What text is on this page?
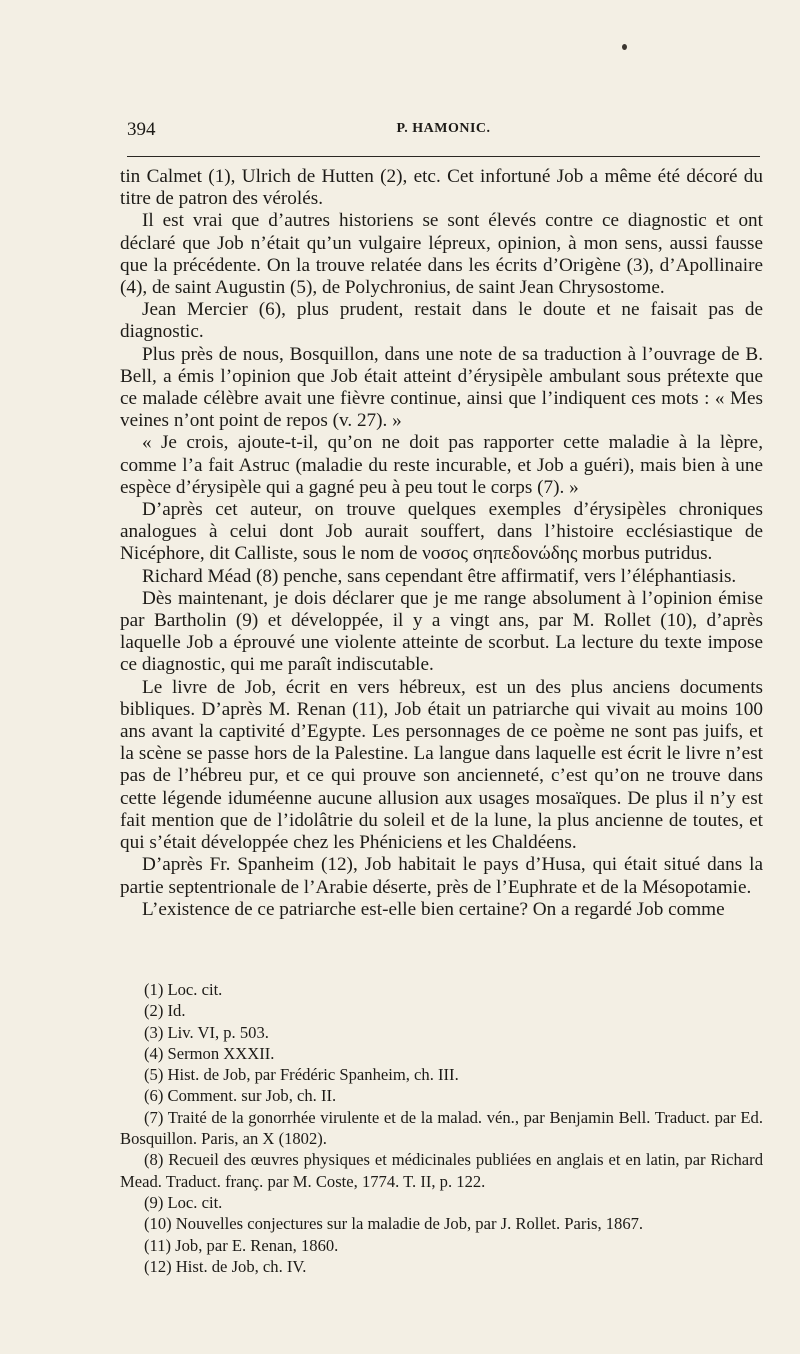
394	P. HAMONIC.

tin Calmet (1), Ulrich de Hutten (2), etc. Cet infortuné Job a même été décoré du titre de patron des vérolés.

Il est vrai que d’autres historiens se sont élevés contre ce diagnostic et ont déclaré que Job n’était qu’un vulgaire lépreux, opinion, à mon sens, aussi fausse que la précédente. On la trouve relatée dans les écrits d’Origène (3), d’Apollinaire (4), de saint Augustin (5), de Polychronius, de saint Jean Chrysostome.

Jean Mercier (6), plus prudent, restait dans le doute et ne faisait pas de diagnostic.

Plus près de nous, Bosquillon, dans une note de sa traduction à l’ouvrage de B. Bell, a émis l’opinion que Job était atteint d’érysipèle ambulant sous prétexte que ce malade célèbre avait une fièvre continue, ainsi que l’indiquent ces mots : « Mes veines n’ont point de repos (v. 27). »

« Je crois, ajoute-t-il, qu’on ne doit pas rapporter cette maladie à la lèpre, comme l’a fait Astruc (maladie du reste incurable, et Job a guéri), mais bien à une espèce d’érysipèle qui a gagné peu à peu tout le corps (7). »

D’après cet auteur, on trouve quelques exemples d’érysipèles chroniques analogues à celui dont Job aurait souffert, dans l’histoire ecclésiastique de Nicéphore, dit Calliste, sous le nom de νοσος σηπεδονώδης morbus putridus.

Richard Méad (8) penche, sans cependant être affirmatif, vers l’éléphantiasis.

Dès maintenant, je dois déclarer que je me range absolument à l’opinion émise par Bartholin (9) et développée, il y a vingt ans, par M. Rollet (10), d’après laquelle Job a éprouvé une violente atteinte de scorbut. La lecture du texte impose ce diagnostic, qui me paraît indiscutable.

Le livre de Job, écrit en vers hébreux, est un des plus anciens documents bibliques. D’après M. Renan (11), Job était un patriarche qui vivait au moins 100 ans avant la captivité d’Egypte. Les personnages de ce poème ne sont pas juifs, et la scène se passe hors de la Palestine. La langue dans laquelle est écrit le livre n’est pas de l’hébreu pur, et ce qui prouve son ancienneté, c’est qu’on ne trouve dans cette légende iduméenne aucune allusion aux usages mosaïques. De plus il n’y est fait mention que de l’idolâtrie du soleil et de la lune, la plus ancienne de toutes, et qui s’était développée chez les Phéniciens et les Chaldéens.

D’après Fr. Spanheim (12), Job habitait le pays d’Husa, qui était situé dans la partie septentrionale de l’Arabie déserte, près de l’Euphrate et de la Mésopotamie.

L’existence de ce patriarche est-elle bien certaine? On a regardé Job comme

(1) Loc. cit.

(2) Id.

(3) Liv. VI, p. 503.

(4) Sermon XXXII.

(5) Hist. de Job, par Frédéric Spanheim, ch. III.

(6) Comment. sur Job, ch. II.

(7) Traité de la gonorrhée virulente et de la malad. vén., par Benjamin Bell. Traduct. par Ed. Bosquillon. Paris, an X (1802).

(8) Recueil des œuvres physiques et médicinales publiées en anglais et en latin, par Richard Mead. Traduct. franç. par M. Coste, 1774. T. II, p. 122.

(9) Loc. cit.

(10) Nouvelles conjectures sur la maladie de Job, par J. Rollet. Paris, 1867.

(11) Job, par E. Renan, 1860.

(12) Hist. de Job, ch. IV.
